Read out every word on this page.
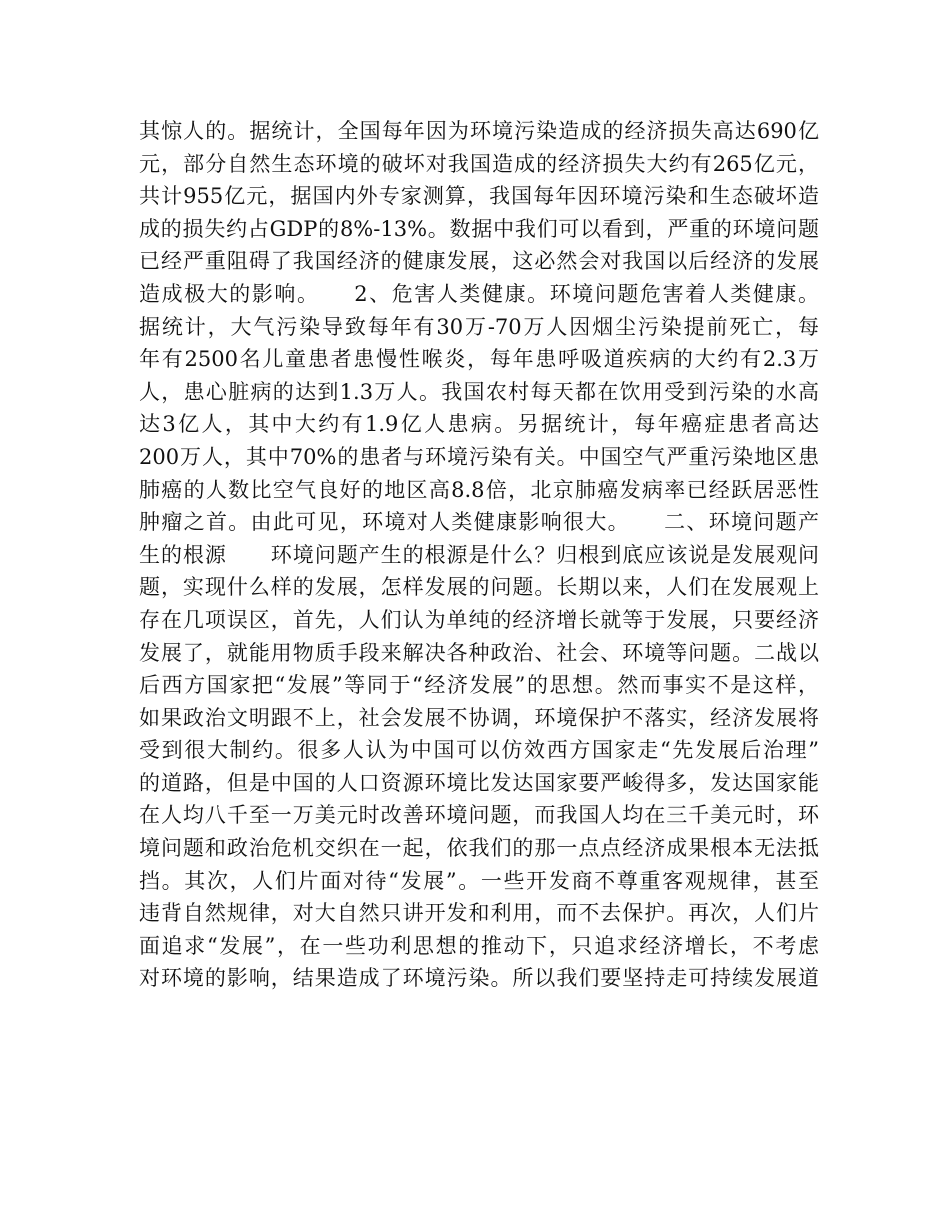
其惊人的。据统计，全国每年因为环境污染造成的经济损失高达690亿
元，部分自然生态环境的破坏对我国造成的经济损失大约有265亿元，
共计955亿元，据国内外专家测算，我国每年因环境污染和生态破坏造
成的损失约占GDP的8%-13%。数据中我们可以看到，严重的环境问题
已经严重阻碍了我国经济的健康发展，这必然会对我国以后经济的发展
造成极大的影响。　　2、危害人类健康。环境问题危害着人类健康。
据统计，大气污染导致每年有30万-70万人因烟尘污染提前死亡，每
年有2500名儿童患者患慢性喉炎，每年患呼吸道疾病的大约有2.3万
人，患心脏病的达到1.3万人。我国农村每天都在饮用受到污染的水高
达3亿人，其中大约有1.9亿人患病。另据统计，每年癌症患者高达
200万人，其中70%的患者与环境污染有关。中国空气严重污染地区患
肺癌的人数比空气良好的地区高8.8倍，北京肺癌发病率已经跃居恶性
肿瘤之首。由此可见，环境对人类健康影响很大。　　二、环境问题产
生的根源　　环境问题产生的根源是什么？归根到底应该说是发展观问
题，实现什么样的发展，怎样发展的问题。长期以来，人们在发展观上
存在几项误区，首先，人们认为单纯的经济增长就等于发展，只要经济
发展了，就能用物质手段来解决各种政治、社会、环境等问题。二战以
后西方国家把“发展”等同于“经济发展”的思想。然而事实不是这样，
如果政治文明跟不上，社会发展不协调，环境保护不落实，经济发展将
受到很大制约。很多人认为中国可以仿效西方国家走“先发展后治理”
的道路，但是中国的人口资源环境比发达国家要严峻得多，发达国家能
在人均八千至一万美元时改善环境问题，而我国人均在三千美元时，环
境问题和政治危机交织在一起，依我们的那一点点经济成果根本无法抵
挡。其次，人们片面对待“发展”。一些开发商不尊重客观规律，甚至
违背自然规律，对大自然只讲开发和利用，而不去保护。再次，人们片
面追求“发展”，在一些功利思想的推动下，只追求经济增长，不考虑
对环境的影响，结果造成了环境污染。所以我们要坚持走可持续发展道
